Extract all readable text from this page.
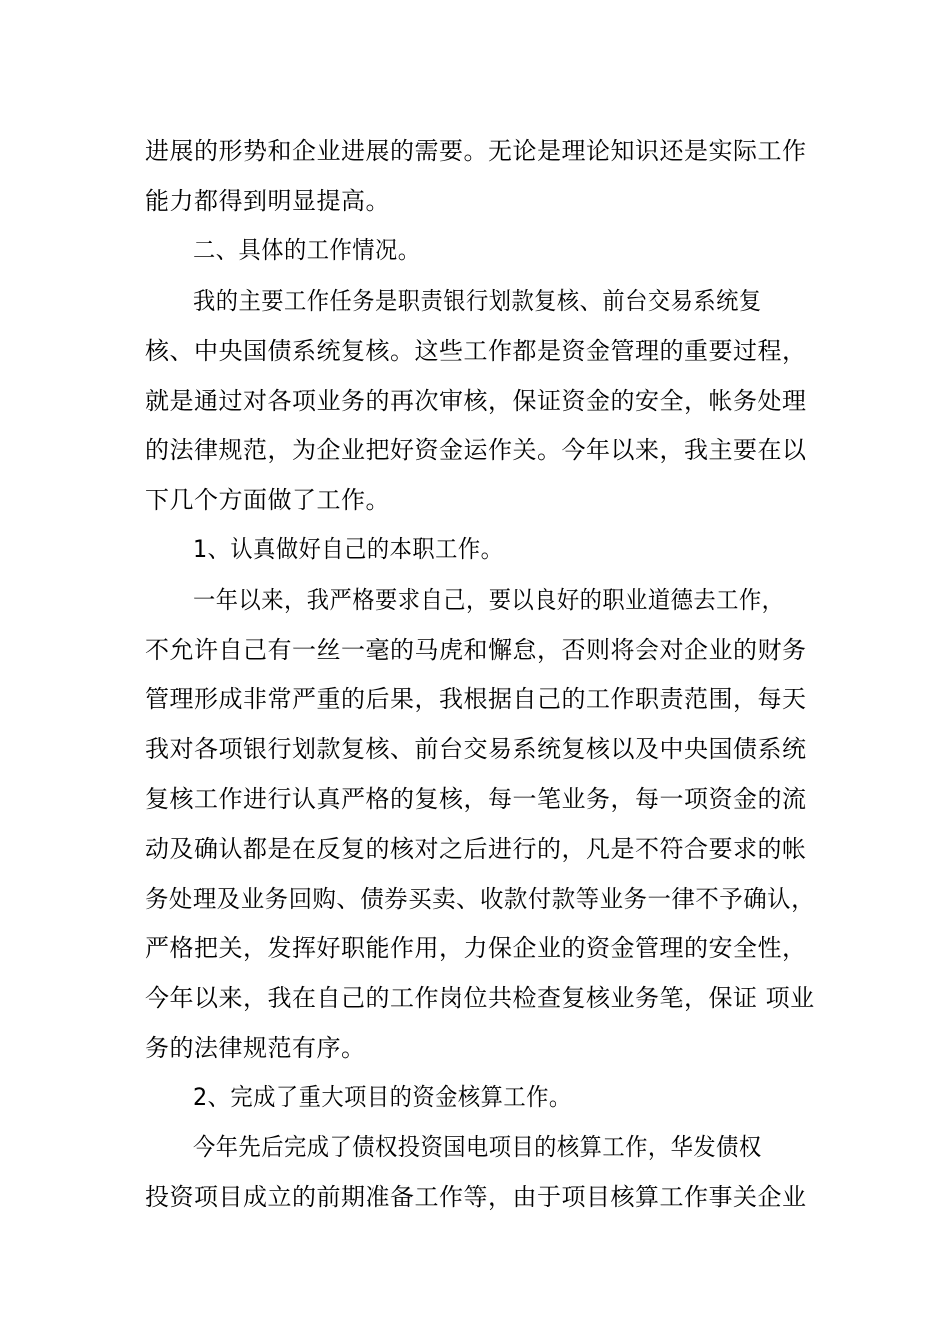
进展的形势和企业进展的需要。无论是理论知识还是实际工作
能力都得到明显提高。
二、具体的工作情况。
我的主要工作任务是职责银行划款复核、前台交易系统复
核、中央国债系统复核。这些工作都是资金管理的重要过程，
就是通过对各项业务的再次审核，保证资金的安全，帐务处理
的法律规范，为企业把好资金运作关。今年以来，我主要在以
下几个方面做了工作。
1、认真做好自己的本职工作。
一年以来，我严格要求自己，要以良好的职业道德去工作，
不允许自己有一丝一毫的马虎和懈怠，否则将会对企业的财务
管理形成非常严重的后果，我根据自己的工作职责范围，每天
我对各项银行划款复核、前台交易系统复核以及中央国债系统
复核工作进行认真严格的复核，每一笔业务，每一项资金的流
动及确认都是在反复的核对之后进行的，凡是不符合要求的帐
务处理及业务回购、债券买卖、收款付款等业务一律不予确认，
严格把关，发挥好职能作用，力保企业的资金管理的安全性，
今年以来，我在自己的工作岗位共检查复核业务笔，保证 项业
务的法律规范有序。
2、完成了重大项目的资金核算工作。
今年先后完成了债权投资国电项目的核算工作，华发债权
投资项目成立的前期准备工作等，由于项目核算工作事关企业
